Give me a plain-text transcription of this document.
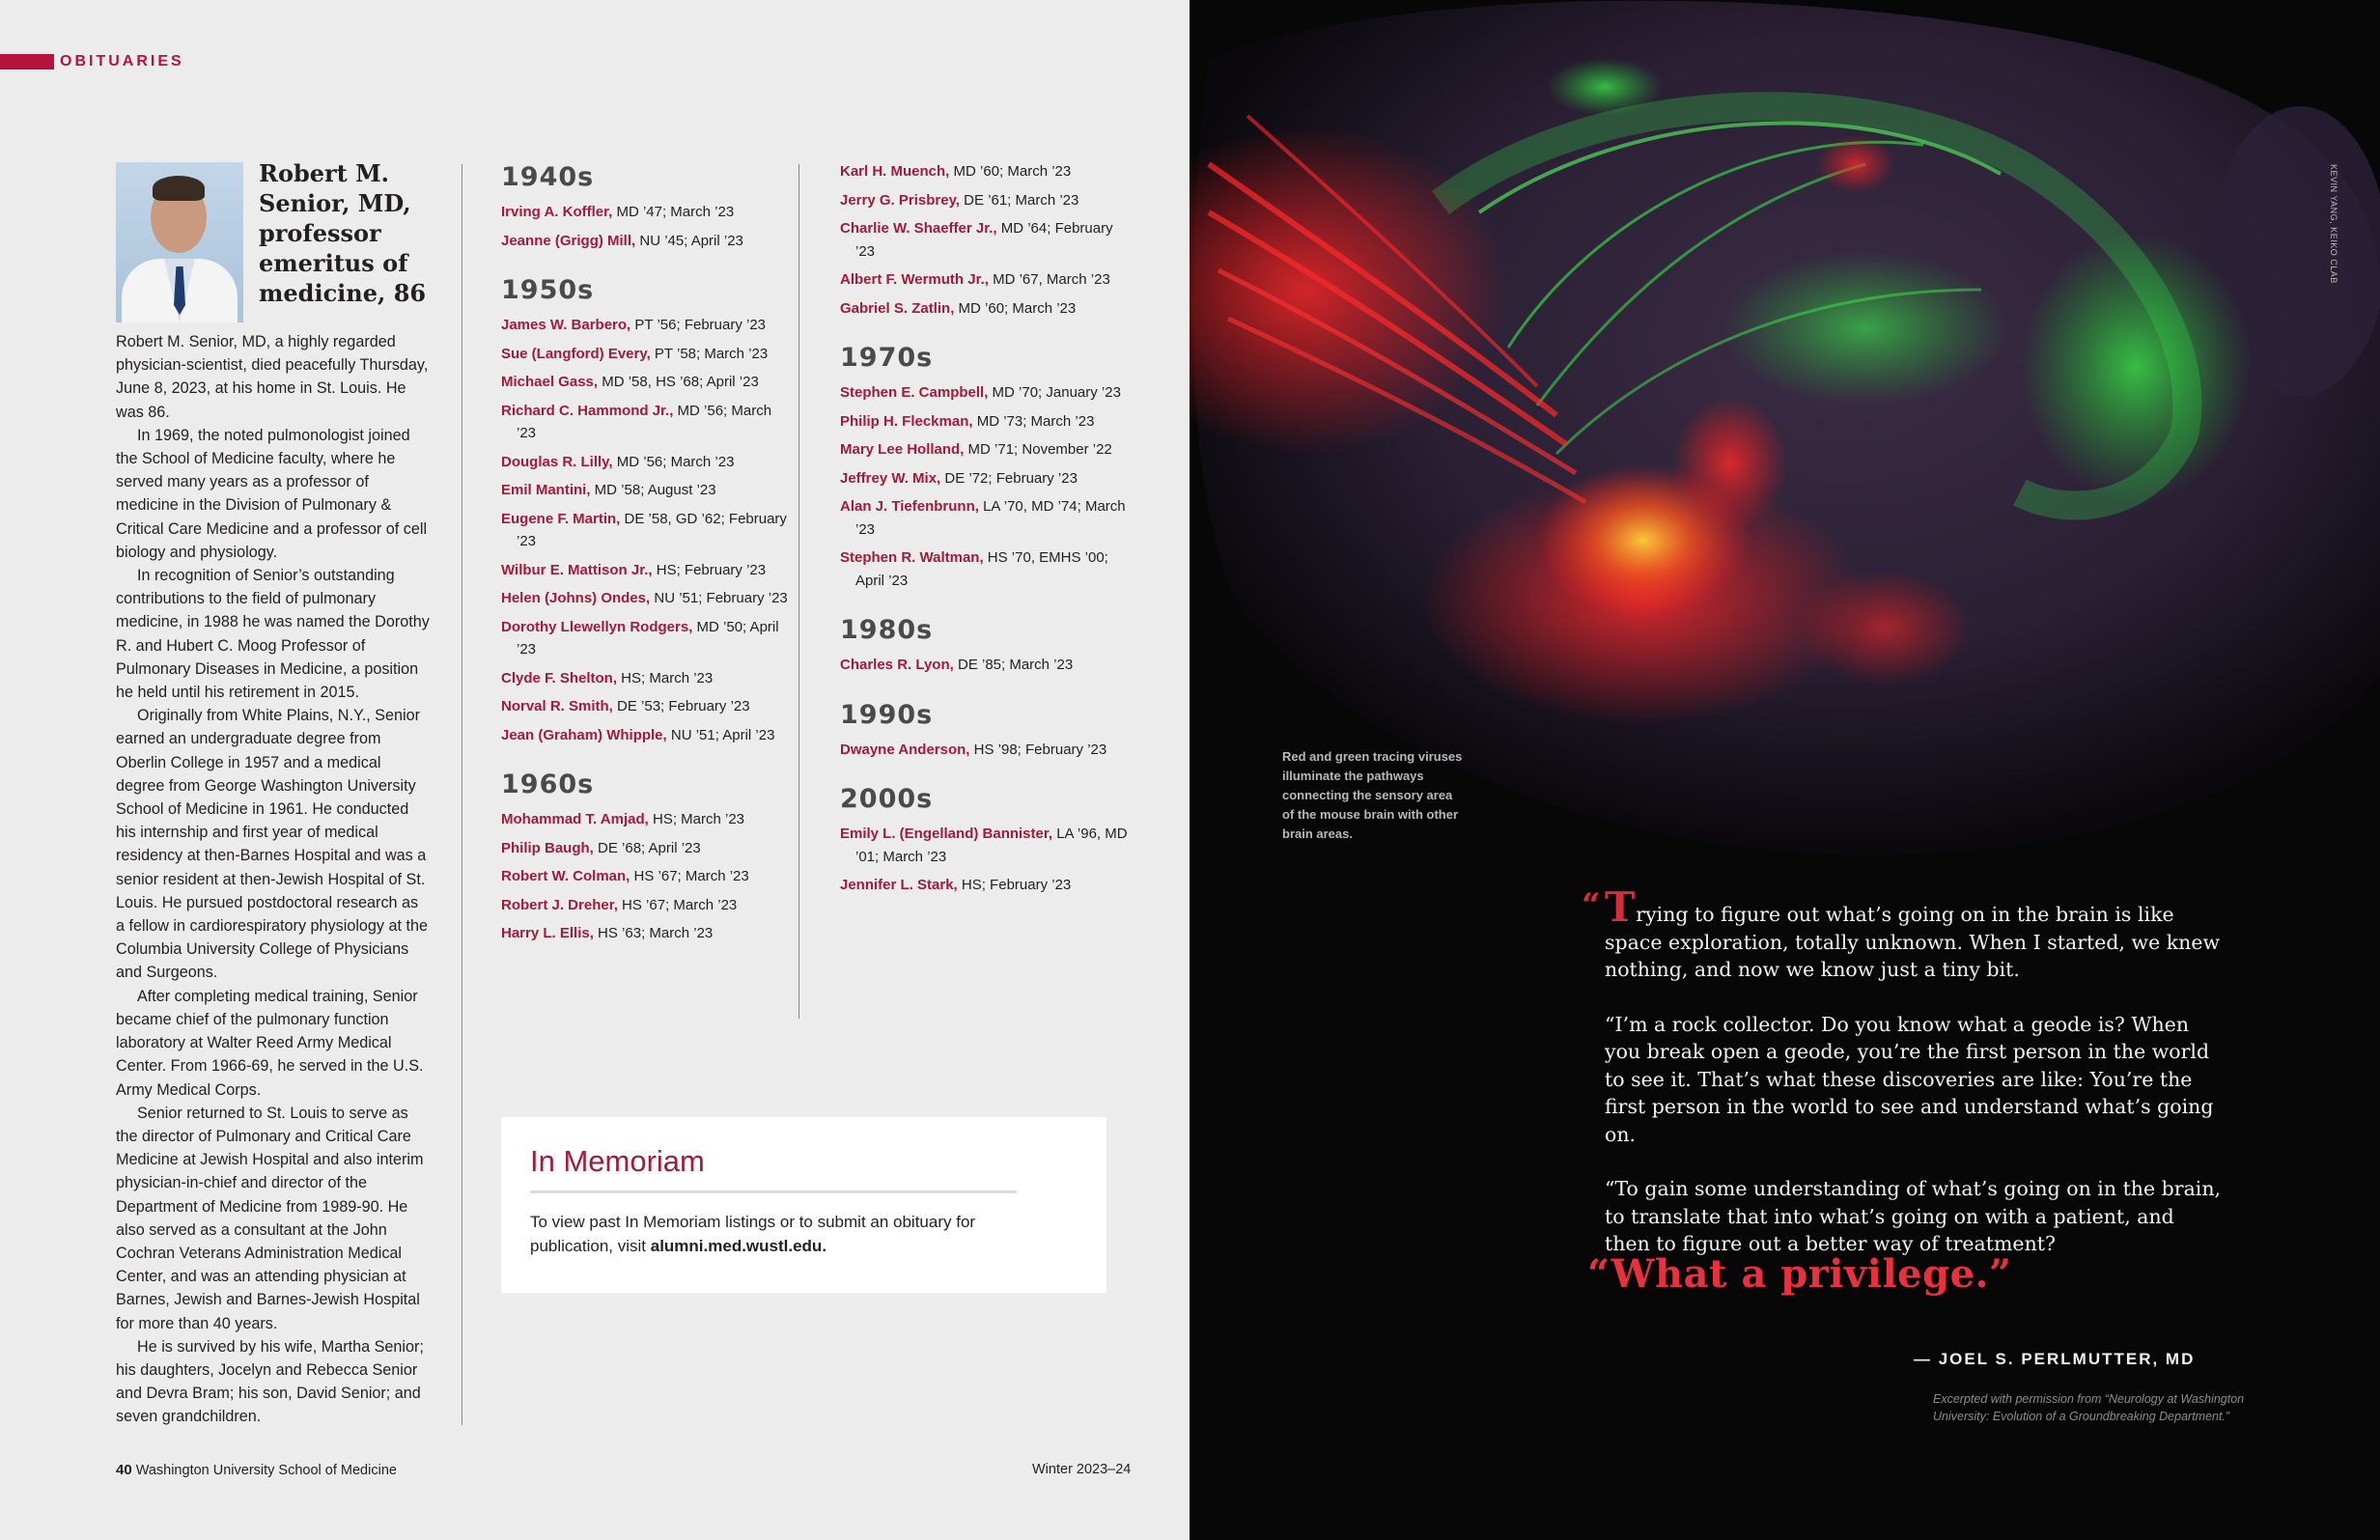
OBITUARIES
Robert M. Senior, MD, professor emeritus of medicine, 86

Robert M. Senior, MD, a highly regarded physician-scientist, died peacefully Thursday, June 8, 2023, at his home in St. Louis. He was 86.

In 1969, the noted pulmonologist joined the School of Medicine faculty, where he served many years as a professor of medicine in the Division of Pulmonary & Critical Care Medicine and a professor of cell biology and physiology.

In recognition of Senior’s outstanding contributions to the field of pulmonary medicine, in 1988 he was named the Dorothy R. and Hubert C. Moog Professor of Pulmonary Diseases in Medicine, a position he held until his retirement in 2015.

Originally from White Plains, N.Y., Senior earned an undergraduate degree from Oberlin College in 1957 and a medical degree from George Washington University School of Medicine in 1961. He conducted his internship and first year of medical residency at then-Barnes Hospital and was a senior resident at then-Jewish Hospital of St. Louis. He pursued postdoctoral research as a fellow in cardiorespiratory physiology at the Columbia University College of Physicians and Surgeons.

After completing medical training, Senior became chief of the pulmonary function laboratory at Walter Reed Army Medical Center. From 1966-69, he served in the U.S. Army Medical Corps.

Senior returned to St. Louis to serve as the director of Pulmonary and Critical Care Medicine at Jewish Hospital and also interim physician-in-chief and director of the Department of Medicine from 1989-90. He also served as a consultant at the John Cochran Veterans Administration Medical Center, and was an attending physician at Barnes, Jewish and Barnes-Jewish Hospital for more than 40 years.

He is survived by his wife, Martha Senior; his daughters, Jocelyn and Rebecca Senior and Devra Bram; his son, David Senior; and seven grandchildren.

1940s
Irving A. Koffler, MD ’47; March ’23
Jeanne (Grigg) Mill, NU ’45; April ’23
1950s
James W. Barbero, PT ’56; February ’23
Sue (Langford) Every, PT ’58; March ’23
Michael Gass, MD ’58, HS ’68; April ’23
Richard C. Hammond Jr., MD ’56; March ’23
Douglas R. Lilly, MD ’56; March ’23
Emil Mantini, MD ’58; August ’23
Eugene F. Martin, DE ’58, GD ’62; February ’23
Wilbur E. Mattison Jr., HS; February ’23
Helen (Johns) Ondes, NU ’51; February ’23
Dorothy Llewellyn Rodgers, MD ’50; April ’23
Clyde F. Shelton, HS; March ’23
Norval R. Smith, DE ’53; February ’23
Jean (Graham) Whipple, NU ’51; April ’23
1960s
Mohammad T. Amjad, HS; March ’23
Philip Baugh, DE ’68; April ’23
Robert W. Colman, HS ’67; March ’23
Robert J. Dreher, HS ’67; March ’23
Harry L. Ellis, HS ’63; March ’23
Karl H. Muench, MD ’60; March ’23
Jerry G. Prisbrey, DE ’61; March ’23
Charlie W. Shaeffer Jr., MD ’64; February ’23
Albert F. Wermuth Jr., MD ’67, March ’23
Gabriel S. Zatlin, MD ’60; March ’23
1970s
Stephen E. Campbell, MD ’70; January ’23
Philip H. Fleckman, MD ’73; March ’23
Mary Lee Holland, MD ’71; November ’22
Jeffrey W. Mix, DE ’72; February ’23
Alan J. Tiefenbrunn, LA ’70, MD ’74; March ’23
Stephen R. Waltman, HS ’70, EMHS ’00; April ’23
1980s
Charles R. Lyon, DE ’85; March ’23
1990s
Dwayne Anderson, HS ’98; February ’23
2000s
Emily L. (Engelland) Bannister, LA ’96, MD ’01; March ’23
Jennifer L. Stark, HS; February ’23
In Memoriam
To view past In Memoriam listings or to submit an obituary for publication, visit alumni.med.wustl.edu.
40 Washington University School of Medicine	Winter 2023–24
KEVIN YANG, KEIKO CLAB
Red and green tracing viruses illuminate the pathways connecting the sensory area of the mouse brain with other brain areas.
“ Trying to figure out what’s going on in the brain is like space exploration, totally unknown. When I started, we knew nothing, and now we know just a tiny bit.

“I’m a rock collector. Do you know what a geode is? When you break open a geode, you’re the first person in the world to see it. That’s what these discoveries are like: You’re the first person in the world to see and understand what’s going on.

“To gain some understanding of what’s going on in the brain, to translate that into what’s going on with a patient, and then to figure out a better way of treatment?

“What a privilege.”
— JOEL S. PERLMUTTER, MD
Excerpted with permission from “Neurology at Washington University: Evolution of a Groundbreaking Department.”
